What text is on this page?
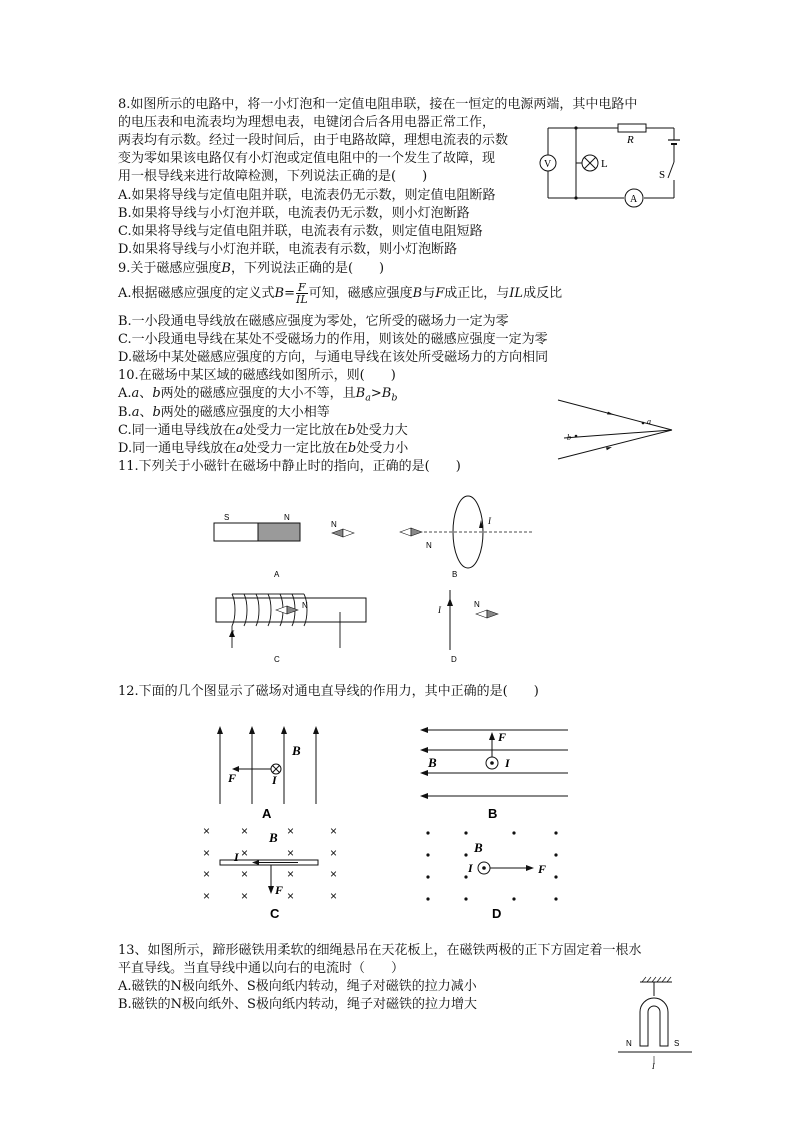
8.如图所示的电路中，将一小灯泡和一定值电阻串联，接在一恒定的电源两端，其中电路中
的电压表和电流表均为理想电表，电键闭合后各用电器正常工作，
两表均有示数。经过一段时间后，由于电路故障，理想电流表的示数
变为零如果该电路仅有小灯泡或定值电阻中的一个发生了故障，现
用一根导线来进行故障检测，下列说法正确的是(　　)
A.如果将导线与定值电阻并联，电流表仍无示数，则定值电阻断路
B.如果将导线与小灯泡并联，电流表仍无示数，则小灯泡断路
C.如果将导线与定值电阻并联，电流表有示数，则定值电阻短路
D.如果将导线与小灯泡并联，电流表有示数，则小灯泡断路
R
L
S
V
A
9.关于磁感应强度B，下列说法正确的是(　　)
A.根据磁感应强度的定义式$B= \frac{F}{IL}$ 可知，磁感应强度B与F成正比，与IL成反比
B.一小段通电导线放在磁感应强度为零处，它所受的磁场力一定为零
C.一小段通电导线在某处不受磁场力的作用，则该处的磁感应强度一定为零
D.磁场中某处磁感应强度的方向，与通电导线在该处所受磁场力的方向相同
10.在磁场中某区域的磁感线如图所示，则(　　)
A.a、b两处的磁感应强度的大小不等，且$B_a>B_b$
B.a、b两处的磁感应强度的大小相等
C.同一通电导线放在a处受力一定比放在b处受力大
D.同一通电导线放在a处受力一定比放在b处受力小
a
b
11.下列关于小磁针在磁场中静止时的指向，正确的是(　　)
S	N
N
A
N
I
B
N
I
C
I
N
D
12.下面的几个图显示了磁场对通电直导线的作用力，其中正确的是(　　)
B
F	I
A
F
B	I
B
×	×	×	×
×	×	×	×
×	×	×	×
×	×	×	×
B
I
F
C
B
I	F
D
13、如图所示，蹄形磁铁用柔软的细绳悬吊在天花板上，在磁铁两极的正下方固定着一根水
平直导线。当直导线中通以向右的电流时（　　）
A.磁铁的N极向纸外、S极向纸内转动，绳子对磁铁的拉力减小
B.磁铁的N极向纸外、S极向纸内转动，绳子对磁铁的拉力增大
N	S
I
